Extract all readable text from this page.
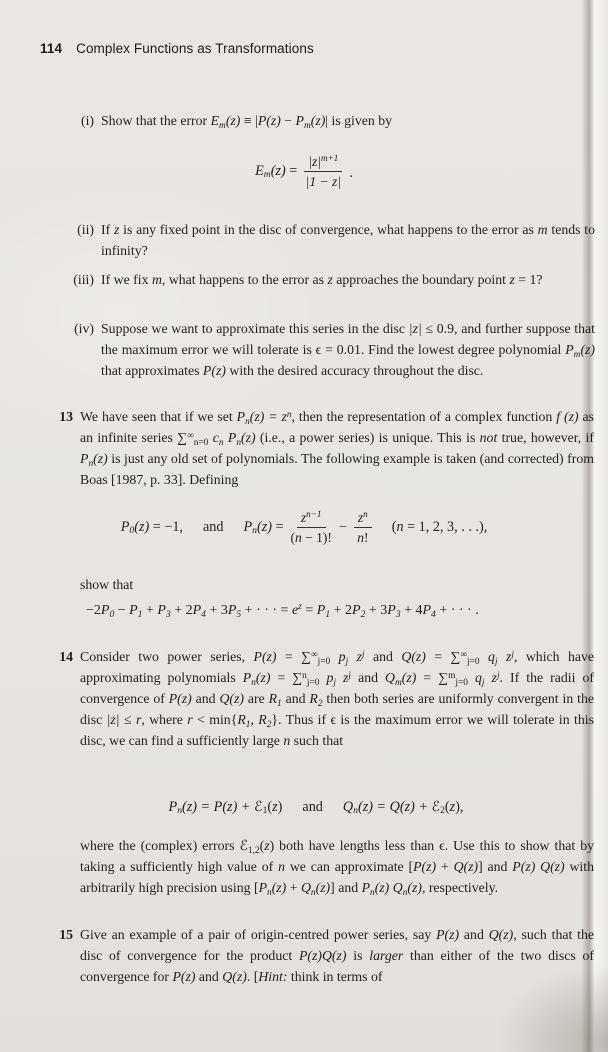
114 Complex Functions as Transformations
(i) Show that the error $E_m(z) \equiv |P(z) - P_m(z)|$ is given by
$E_m(z) = \frac{|z|^{m+1}}{|1 - z|}$ .
(ii) If z is any fixed point in the disc of convergence, what happens to the error as m tends to infinity?
(iii) If we fix m, what happens to the error as z approaches the boundary point z = 1?
(iv) Suppose we want to approximate this series in the disc |z| ≤ 0.9, and further suppose that the maximum error we will tolerate is ϵ = 0.01. Find the lowest degree polynomial $P_m(z)$ that approximates P(z) with the desired accuracy throughout the disc.
13 We have seen that if we set $P_n(z) = z^n$, then the representation of a complex function f (z) as an infinite series $\sum^\infty_{n=0}$ $c_n$ $P_n(z)$ (i.e., a power series) is unique. This is not true, however, if $P_n(z)$ is just any old set of polynomials. The following example is taken (and corrected) from Boas [1987, p. 33]. Defining
$P_0(z) = -1$, and $P_n(z) = \frac{z^{n-1}}{(n - 1)!} - \frac{z^n}{n!} (n = 1$, 2, 3, . . .),
show that
$-2P_0 - P_1 + P_3 + 2P_4 + 3P_5$ + · · · = $e^z = P_1 + 2P_2 + 3P_3 + 4P_4$ + · · · .
14 Consider two power series, $P(z) = \sum^\infty_{j=0}$ $p_j$ $z^j$ and $Q(z) = \sum^\infty_{j=0}$ $q_j$ $z^j$, which have approximating polynomials $P_n(z) = \sum^n_{j=0}$ $p_j$ $z^j$ and $Q_m(z) = \sum^m_{j=0}$ $q_j$ $z^j$. If the radii of convergence of P(z) and Q(z) are $R_1$ and $R_2$ then both series are uniformly convergent in the disc |z| ≤ r, where $r < \min\{R_1$, $R_2$}. Thus if ϵ is the maximum error we will tolerate in this disc, we can find a sufficiently large n such that
$P_n(z) = P(z)$ + ℰ$_1$(z) and $Q_n(z) = Q(z)$ + ℰ$_2$(z),
where the (complex) errors ℰ$_{1,2}$(z) both have lengths less than ϵ. Use this to show that by taking a sufficiently high value of n we can approximate [P(z) + Q(z)] and P(z) Q(z) with arbitrarily high precision using $[P_n(z) + Q_n(z)]$ and $P_n(z)$ $Q_n(z)$, respectively.
15 Give an example of a pair of origin-centred power series, say P(z) and Q(z), such that the disc of convergence for the product P(z)Q(z) is larger than either of the two discs of convergence for P(z) and Q(z). [Hint: think in terms of
